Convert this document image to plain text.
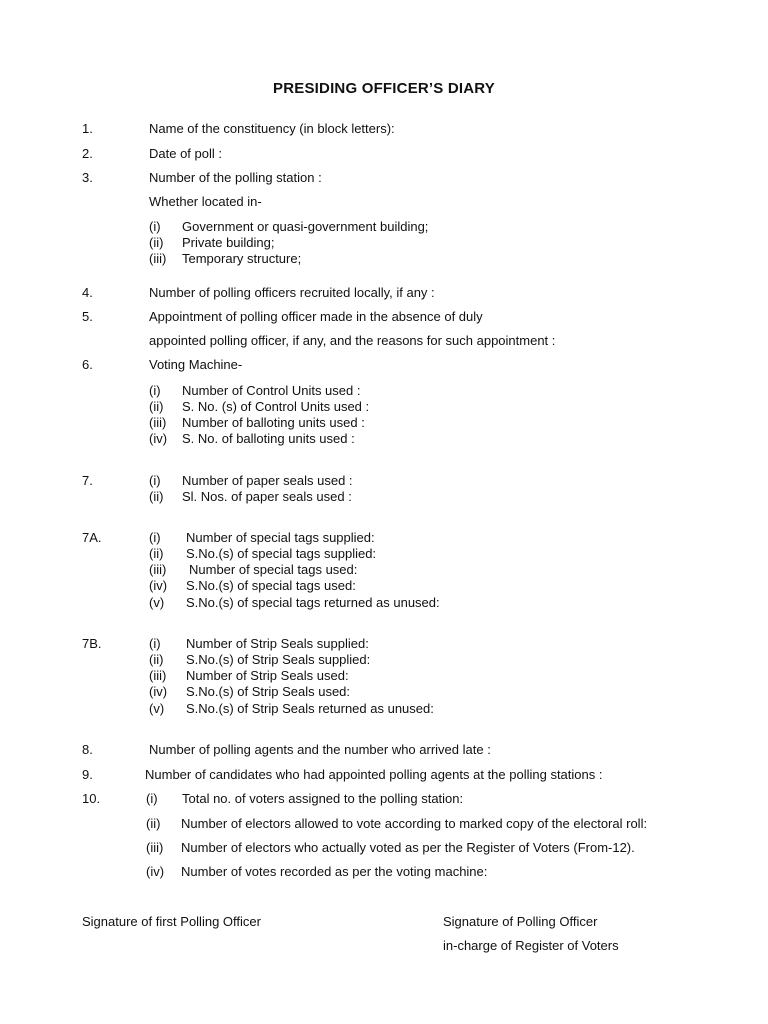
PRESIDING OFFICER’S DIARY
1.	Name of the constituency (in block letters):
2.	Date of poll :
3.	Number of the polling station :
Whether located in-
(i) Government or quasi-government building;
(ii) Private building;
(iii) Temporary structure;
4.	Number of polling officers recruited locally, if any :
5.	Appointment of polling officer made in the absence of duly
appointed polling officer, if any, and the reasons for such appointment :
6.	Voting Machine-
(i) Number of Control Units used :
(ii) S. No. (s) of Control Units used :
(iii) Number of balloting units used :
(iv) S. No. of balloting units used :
7.	(i) Number of paper seals used :
(ii) Sl. Nos. of paper seals used :
7A.	(i) Number of special tags supplied:
(ii) S.No.(s) of special tags supplied:
(iii) Number of special tags used:
(iv) S.No.(s) of special tags used:
(v) S.No.(s) of special tags returned as unused:
7B.	(i) Number of Strip Seals supplied:
(ii) S.No.(s) of Strip Seals supplied:
(iii) Number of Strip Seals used:
(iv) S.No.(s) of Strip Seals used:
(v) S.No.(s) of Strip Seals returned as unused:
8.	Number of polling agents and the number who arrived late :
9.	Number of candidates who had appointed polling agents at the polling stations :
10.	(i) Total no. of voters assigned to the polling station:
(ii) Number of electors allowed to vote according to marked copy of the electoral roll:
(iii) Number of electors who actually voted as per the Register of Voters (From-12).
(iv) Number of votes recorded as per the voting machine:
Signature of first Polling Officer	Signature of Polling Officer
in-charge of Register of Voters
